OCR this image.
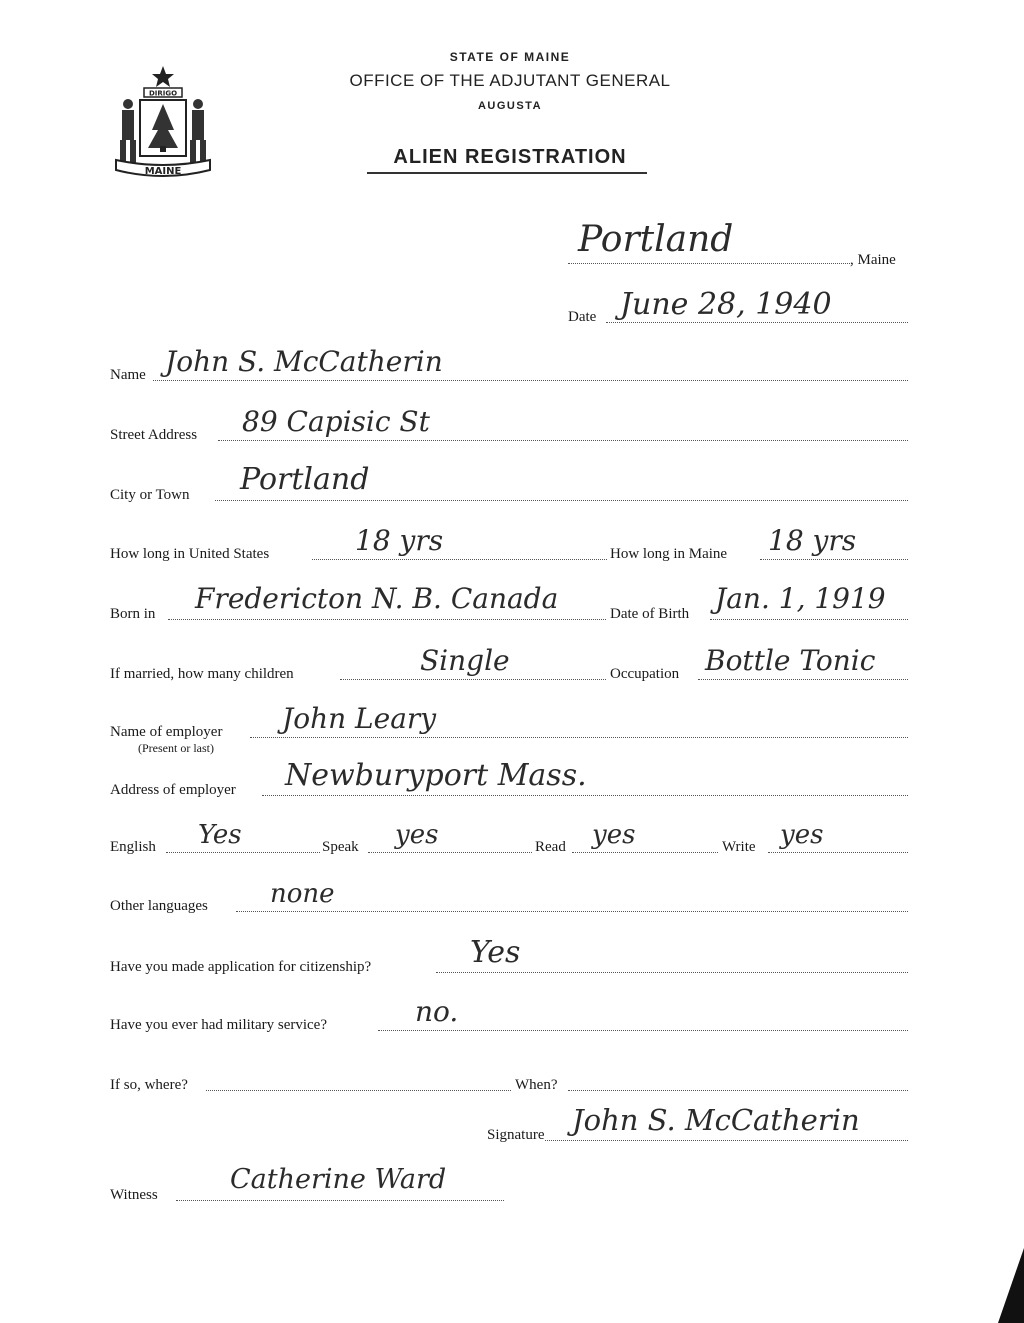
DIRIGO
MAINE
STATE OF MAINE
OFFICE OF THE ADJUTANT GENERAL
AUGUSTA
ALIEN REGISTRATION
Portland	, Maine
Date June 28, 1940
Name John S. McCatherin
Street Address 89 Capisic St
City or Town Portland
How long in United States	18 yrs	How long in Maine 18 yrs
Born in Fredericton N. B. Canada	Date of Birth Jan. 1, 1919
If married, how many children	Single	Occupation Bottle Tonic
Name of employer
(Present or last)
John Leary
Address of employer Newburyport Mass.
English Yes	Speak yes	Read yes	Write yes
Other languages none
Have you made application for citizenship?	Yes
Have you ever had military service?	no.
If so, where?	When?
Signature John S. McCatherin
Witness	Catherine Ward
